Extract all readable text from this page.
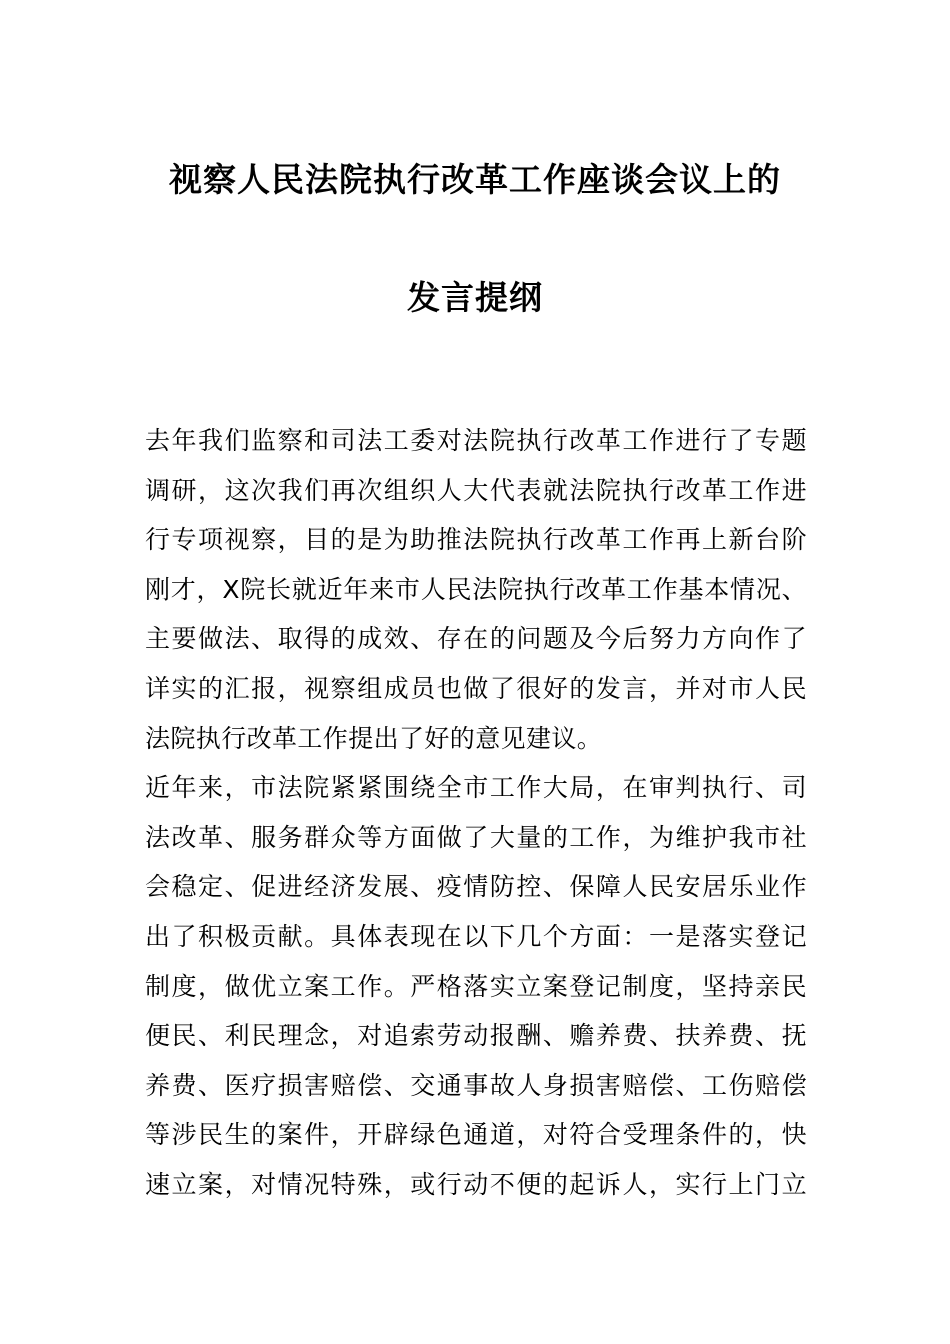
视察人民法院执行改革工作座谈会议上的
发言提纲
去年我们监察和司法工委对法院执行改革工作进行了专题
调研，这次我们再次组织人大代表就法院执行改革工作进
行专项视察，目的是为助推法院执行改革工作再上新台阶
刚才，X院长就近年来市人民法院执行改革工作基本情况、
主要做法、取得的成效、存在的问题及今后努力方向作了
详实的汇报，视察组成员也做了很好的发言，并对市人民
法院执行改革工作提出了好的意见建议。
近年来，市法院紧紧围绕全市工作大局，在审判执行、司
法改革、服务群众等方面做了大量的工作，为维护我市社
会稳定、促进经济发展、疫情防控、保障人民安居乐业作
出了积极贡献。具体表现在以下几个方面：一是落实登记
制度，做优立案工作。严格落实立案登记制度，坚持亲民
便民、利民理念，对追索劳动报酬、赡养费、扶养费、抚
养费、医疗损害赔偿、交通事故人身损害赔偿、工伤赔偿
等涉民生的案件，开辟绿色通道，对符合受理条件的，快
速立案，对情况特殊，或行动不便的起诉人，实行上门立
